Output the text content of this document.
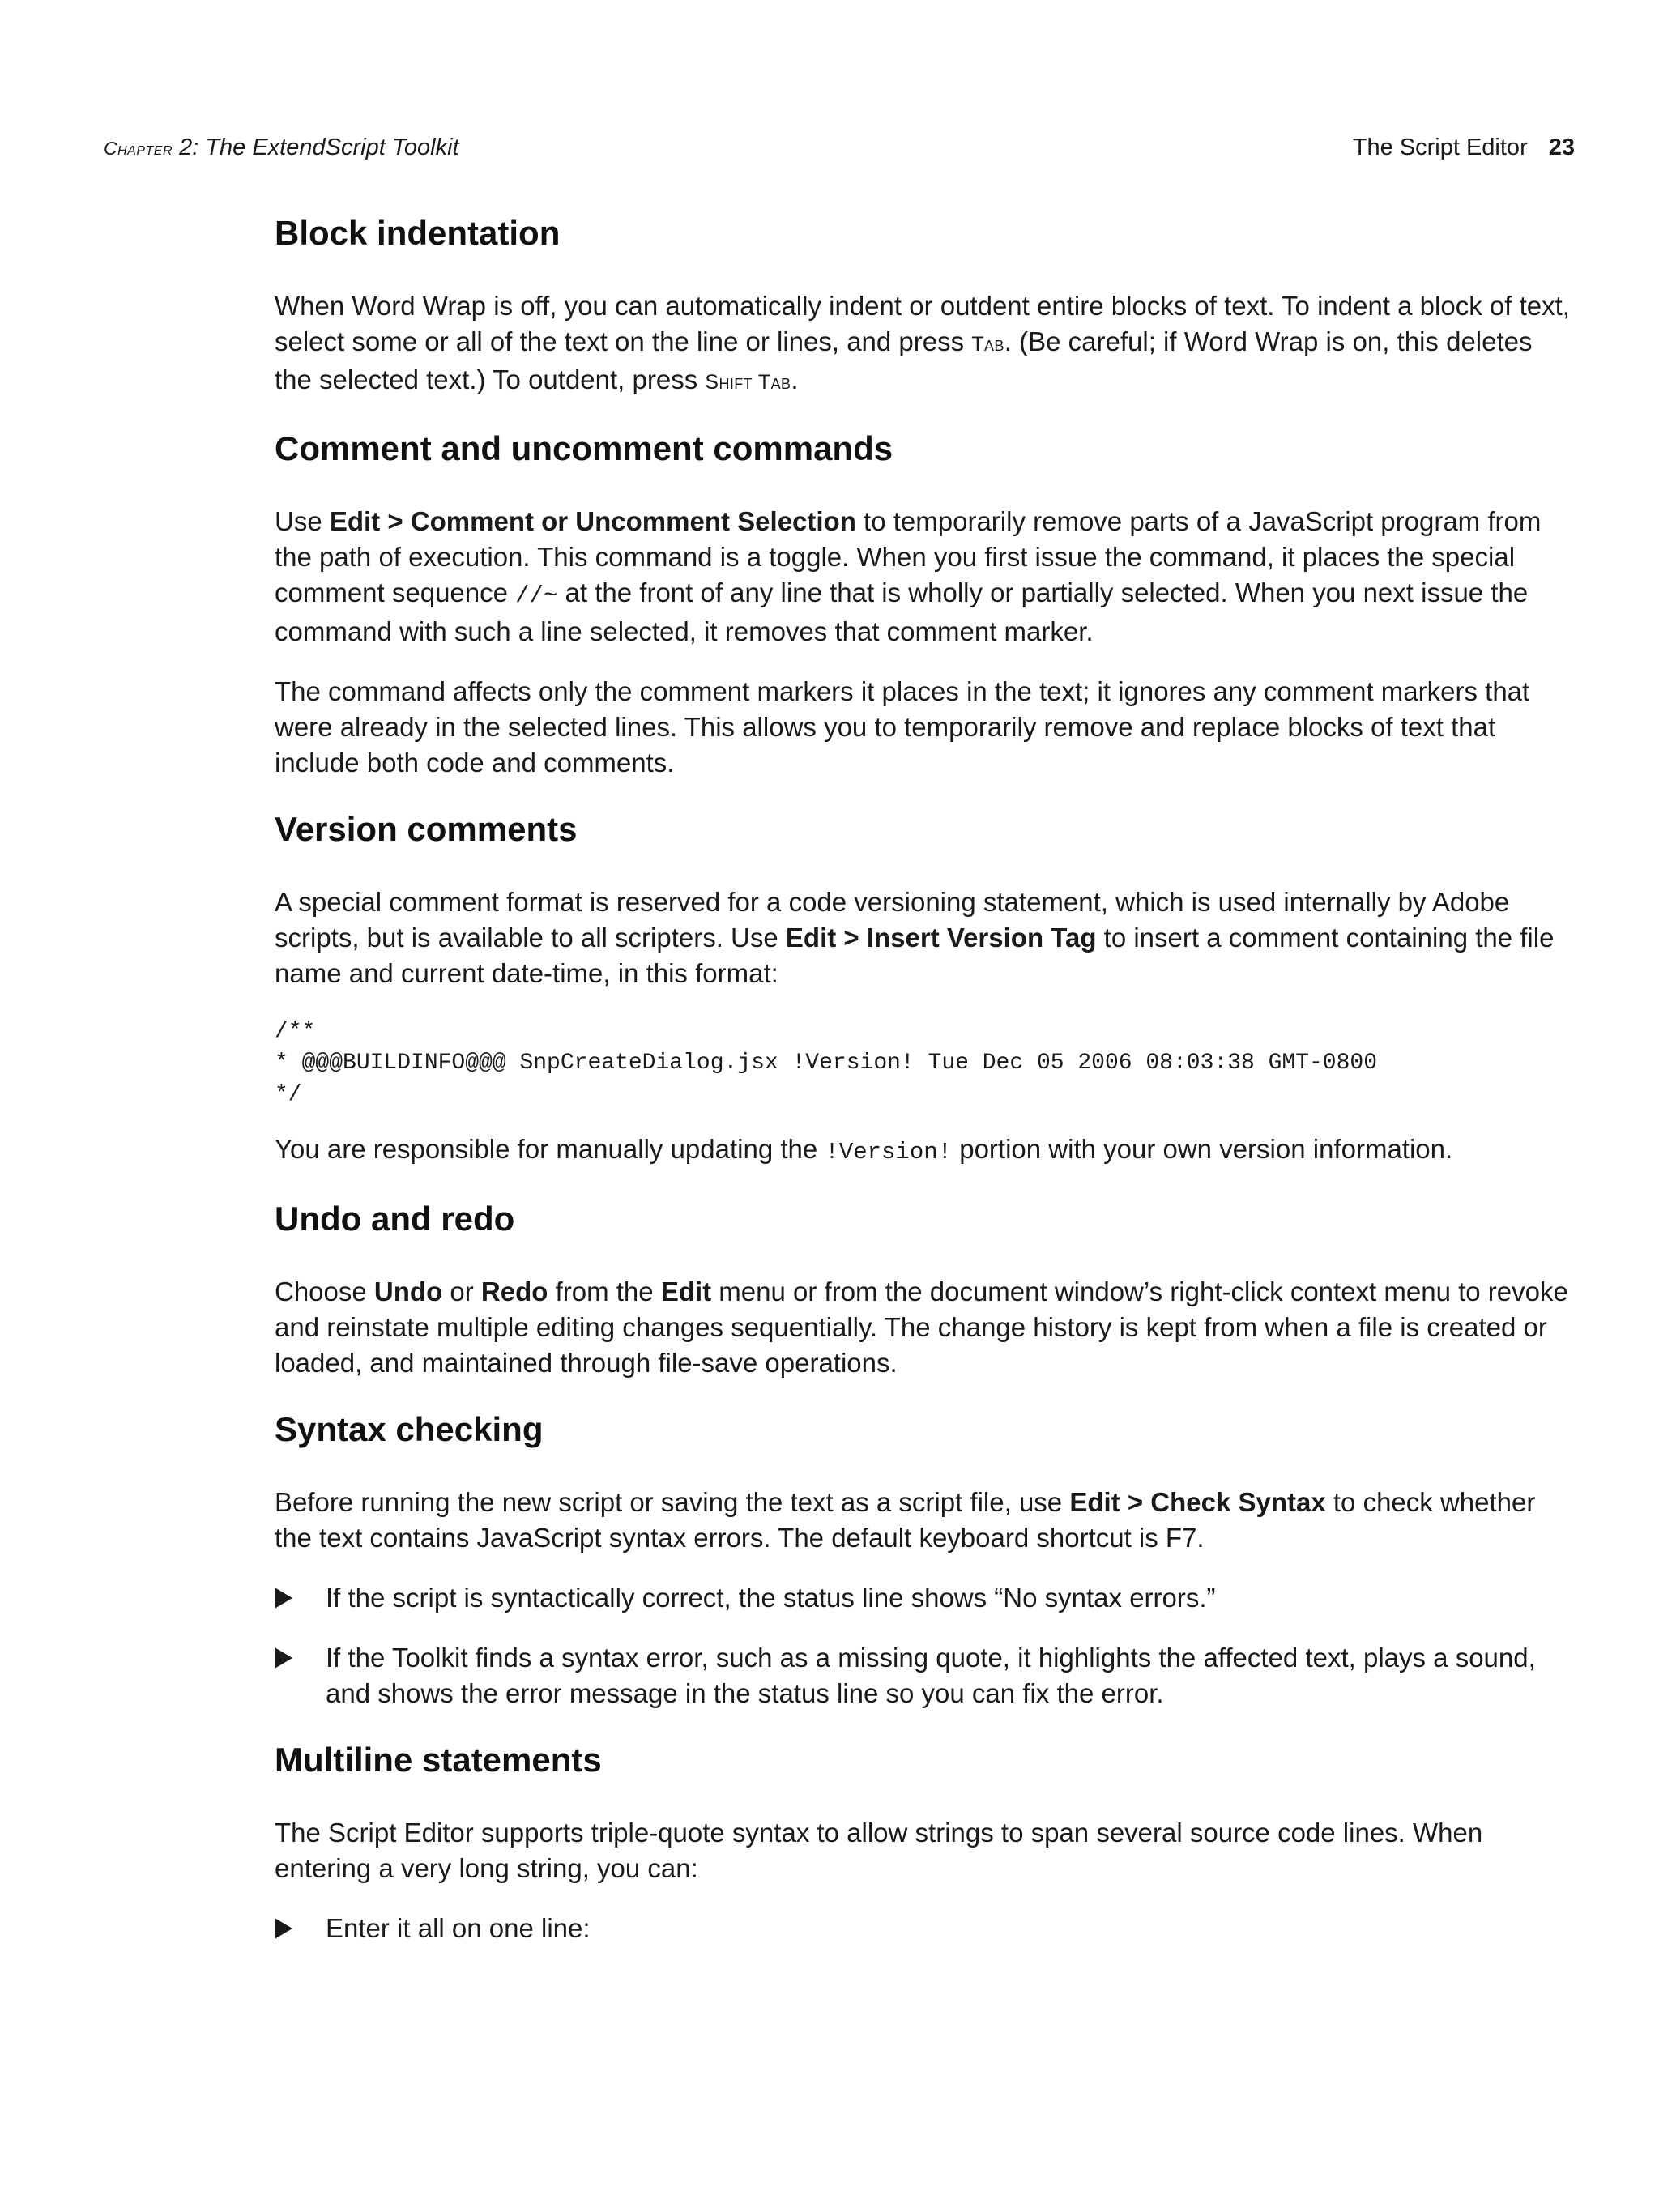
Chapter 2: The ExtendScript Toolkit	The Script Editor 23
Block indentation

When Word Wrap is off, you can automatically indent or outdent entire blocks of text. To indent a block of text, select some or all of the text on the line or lines, and press Tab. (Be careful; if Word Wrap is on, this deletes the selected text.) To outdent, press Shift Tab.

Comment and uncomment commands

Use Edit > Comment or Uncomment Selection to temporarily remove parts of a JavaScript program from the path of execution. This command is a toggle. When you first issue the command, it places the special comment sequence //~ at the front of any line that is wholly or partially selected. When you next issue the command with such a line selected, it removes that comment marker.

The command affects only the comment markers it places in the text; it ignores any comment markers that were already in the selected lines. This allows you to temporarily remove and replace blocks of text that include both code and comments.

Version comments

A special comment format is reserved for a code versioning statement, which is used internally by Adobe scripts, but is available to all scripters. Use Edit > Insert Version Tag to insert a comment containing the file name and current date-time, in this format:

/**
* @@@BUILDINFO@@@ SnpCreateDialog.jsx !Version! Tue Dec 05 2006 08:03:38 GMT-0800
*/

You are responsible for manually updating the !Version! portion with your own version information.

Undo and redo

Choose Undo or Redo from the Edit menu or from the document window’s right-click context menu to revoke and reinstate multiple editing changes sequentially. The change history is kept from when a file is created or loaded, and maintained through file-save operations.

Syntax checking

Before running the new script or saving the text as a script file, use Edit > Check Syntax to check whether the text contains JavaScript syntax errors. The default keyboard shortcut is F7.

If the script is syntactically correct, the status line shows “No syntax errors.”
If the Toolkit finds a syntax error, such as a missing quote, it highlights the affected text, plays a sound, and shows the error message in the status line so you can fix the error.
Multiline statements

The Script Editor supports triple-quote syntax to allow strings to span several source code lines. When entering a very long string, you can:

Enter it all on one line:
